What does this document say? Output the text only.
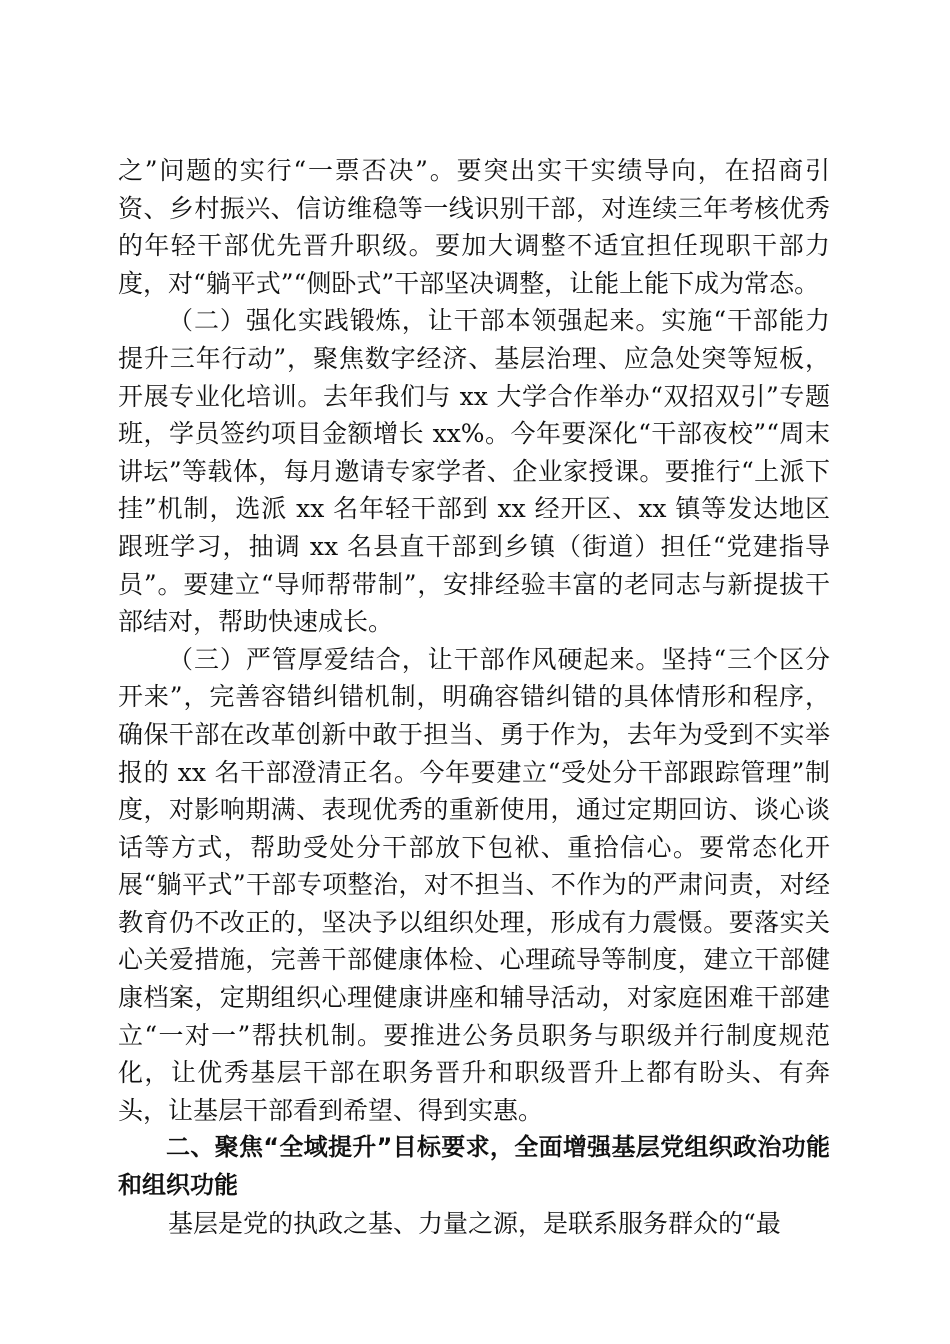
之”问题的实行“一票否决”。要突出实干实绩导向，在招商引资、乡村振兴、信访维稳等一线识别干部，对连续三年考核优秀的年轻干部优先晋升职级。要加大调整不适宜担任现职干部力度，对“躺平式”“侧卧式”干部坚决调整，让能上能下成为常态。

（二）强化实践锻炼，让干部本领强起来。实施“干部能力提升三年行动”，聚焦数字经济、基层治理、应急处突等短板，开展专业化培训。去年我们与 xx 大学合作举办“双招双引”专题班，学员签约项目金额增长 xx%。今年要深化“干部夜校”“周末讲坛”等载体，每月邀请专家学者、企业家授课。要推行“上派下挂”机制，选派 xx 名年轻干部到 xx 经开区、xx 镇等发达地区跟班学习，抽调 xx 名县直干部到乡镇（街道）担任“党建指导员”。要建立“导师帮带制”，安排经验丰富的老同志与新提拔干部结对，帮助快速成长。

（三）严管厚爱结合，让干部作风硬起来。坚持“三个区分开来”，完善容错纠错机制，明确容错纠错的具体情形和程序，确保干部在改革创新中敢于担当、勇于作为，去年为受到不实举报的 xx 名干部澄清正名。今年要建立“受处分干部跟踪管理”制度，对影响期满、表现优秀的重新使用，通过定期回访、谈心谈话等方式，帮助受处分干部放下包袱、重拾信心。要常态化开展“躺平式”干部专项整治，对不担当、不作为的严肃问责，对经教育仍不改正的，坚决予以组织处理，形成有力震慑。要落实关心关爱措施，完善干部健康体检、心理疏导等制度，建立干部健康档案，定期组织心理健康讲座和辅导活动，对家庭困难干部建立“一对一”帮扶机制。要推进公务员职务与职级并行制度规范化，让优秀基层干部在职务晋升和职级晋升上都有盼头、有奔头，让基层干部看到希望、得到实惠。

二、聚焦“全域提升”目标要求，全面增强基层党组织政治功能和组织功能

基层是党的执政之基、力量之源，是联系服务群众的“最
